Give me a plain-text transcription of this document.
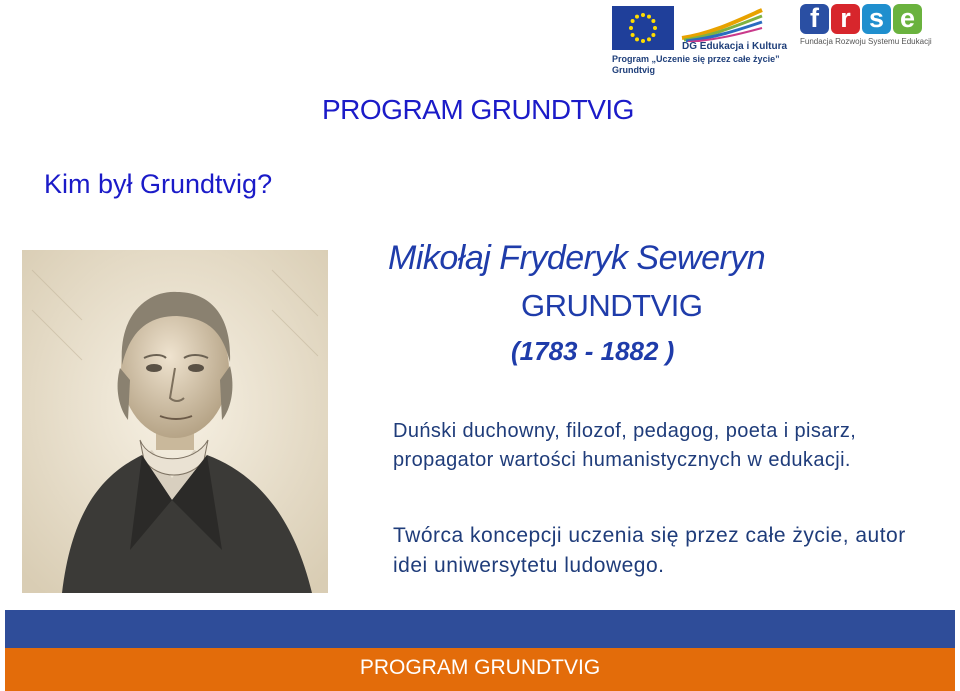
DG Edukacja i Kultura
Program „Uczenie się przez całe życie”
Grundtvig
f r s e
Fundacja Rozwoju Systemu Edukacji
PROGRAM GRUNDTVIG
Kim był Grundtvig?
Mikołaj Fryderyk Seweryn
GRUNDTVIG
(1783 - 1882 )
Duński duchowny, filozof, pedagog, poeta i pisarz, propagator wartości humanistycznych w edukacji.
Twórca koncepcji uczenia się przez całe życie, autor idei uniwersytetu ludowego.
PROGRAM GRUNDTVIG
